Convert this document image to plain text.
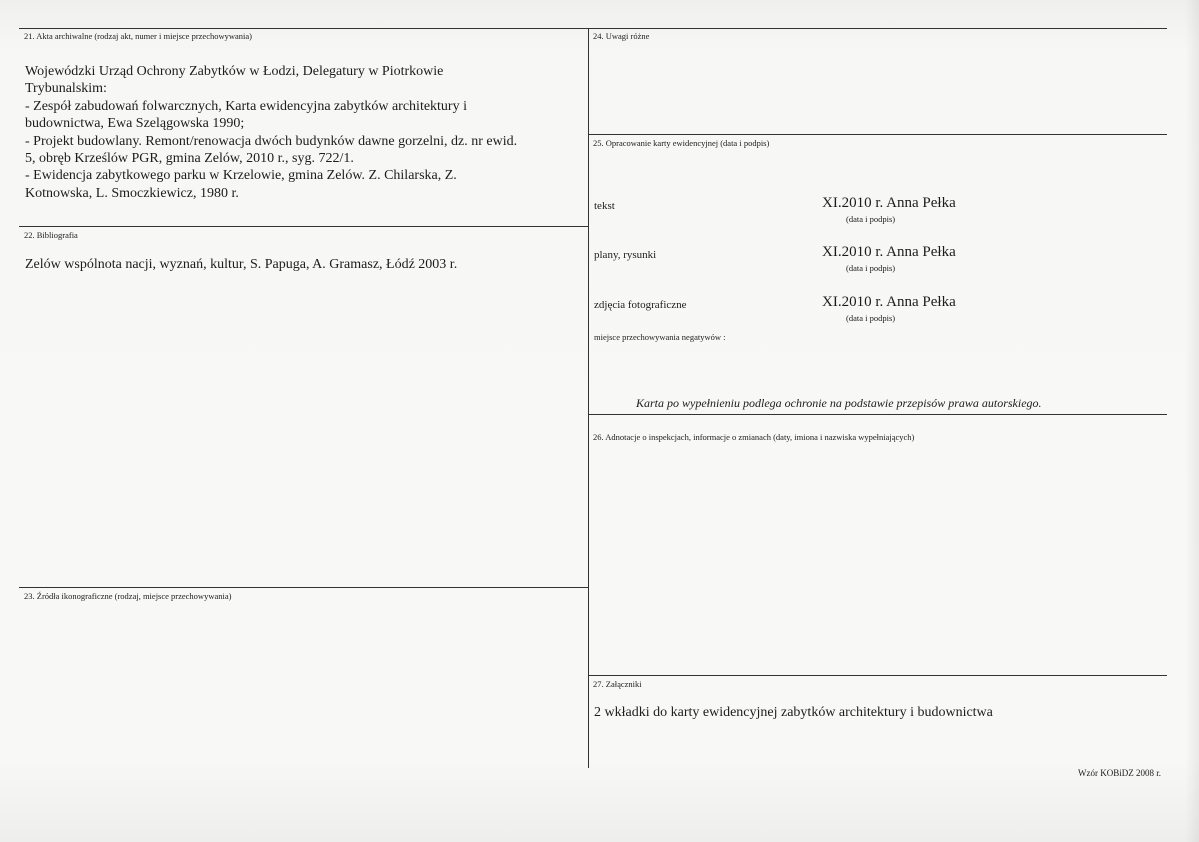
21. Akta archiwalne (rodzaj akt, numer i miejsce przechowywania)
Wojewódzki Urząd Ochrony Zabytków w Łodzi, Delegatury w Piotrkowie
Trybunalskim:
- Zespół zabudowań folwarcznych, Karta ewidencyjna zabytków architektury i
budownictwa, Ewa Szelągowska 1990;
- Projekt budowlany. Remont/renowacja dwóch budynków dawne gorzelni, dz. nr ewid.
5, obręb Krześlów PGR, gmina Zelów, 2010 r., syg. 722/1.
- Ewidencja zabytkowego parku w Krzelowie, gmina Zelów. Z. Chilarska, Z.
Kotnowska, L. Smoczkiewicz, 1980 r.
22. Bibliografia
Zelów wspólnota nacji, wyznań, kultur, S. Papuga, A. Gramasz, Łódź 2003 r.
23. Źródła ikonograficzne (rodzaj, miejsce przechowywania)
24. Uwagi różne
25. Opracowanie karty ewidencyjnej (data i podpis)
tekst	XI.2010 r. Anna Pełka
(data i podpis)
plany, rysunki	XI.2010 r. Anna Pełka
(data i podpis)
zdjęcia fotograficzne	XI.2010 r. Anna Pełka
(data i podpis)
miejsce przechowywania negatywów :
Karta po wypełnieniu podlega ochronie na podstawie przepisów prawa autorskiego.
26. Adnotacje o inspekcjach, informacje o zmianach (daty, imiona i nazwiska wypełniających)
27. Załączniki
2 wkładki do karty ewidencyjnej zabytków architektury i budownictwa
Wzór KOBiDZ 2008 r.
